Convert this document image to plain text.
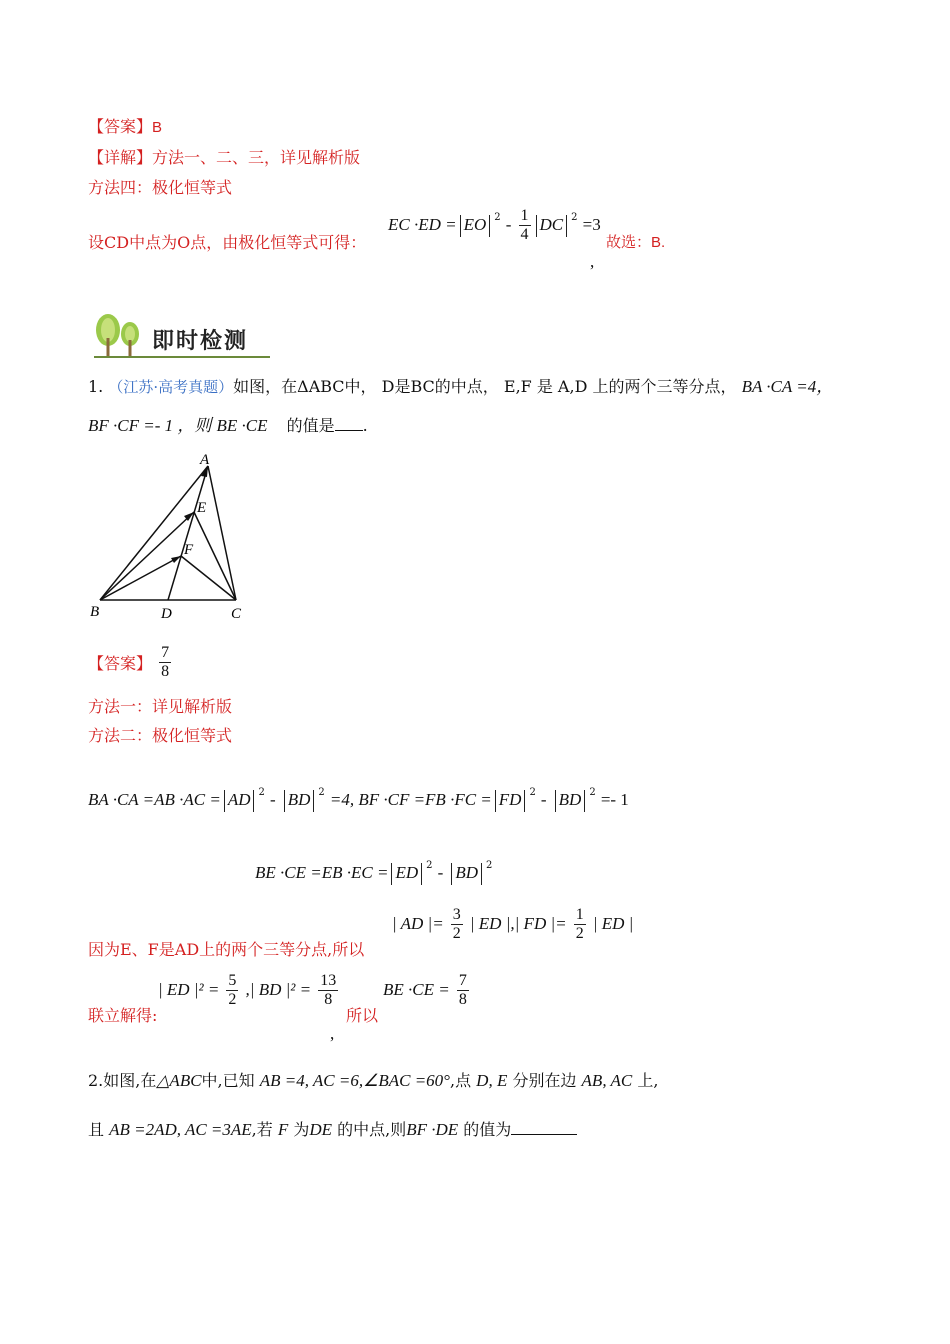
【答案】B
【详解】方法一、二、三，详见解析版
方法四：极化恒等式
设CD中点为O点，由极化恒等式可得：
EC ·ED = EO $^2 - \frac{1}{4}$ DC $^2$ =3
故选：B.
,
即时检测
1. （江苏·高考真题）如图，在ΔABC中， D是BC的中点， E,F 是 A,D 上的两个三等分点， BA ·CA =4，
BF ·CF =- 1 ，则 BE ·CE 的值是 .
A
E
F
B	D	C
【答案】 $\frac{7}{8}$
方法一：详见解析版
方法二：极化恒等式
BA ·CA =AB ·AC = AD $^2$ - BD $^2$ =4, BF ·CF =FB ·FC = FD $^2$ - BD $^2$ =- 1
BE ·CE =EB ·EC = ED $^2$ - BD $^2$
因为E、F是AD上的两个三等分点,所以
| AD |= $\frac{3}{2}$ | ED |,| FD |= $\frac{1}{2}$ | ED |
联立解得:
| ED $|^2 = \frac{5}{2}$ ,| BD $|^2 = \frac{13}{8}$
,
所以
BE $\cdot CE = \frac{7}{8}$
2.如图,在△ABC中,已知 AB =4, AC =6,∠BAC =60°,点 D, E 分别在边 AB, AC 上,
且 AB =2AD, AC =3AE,若 F 为DE 的中点,则BF ·DE 的值为
